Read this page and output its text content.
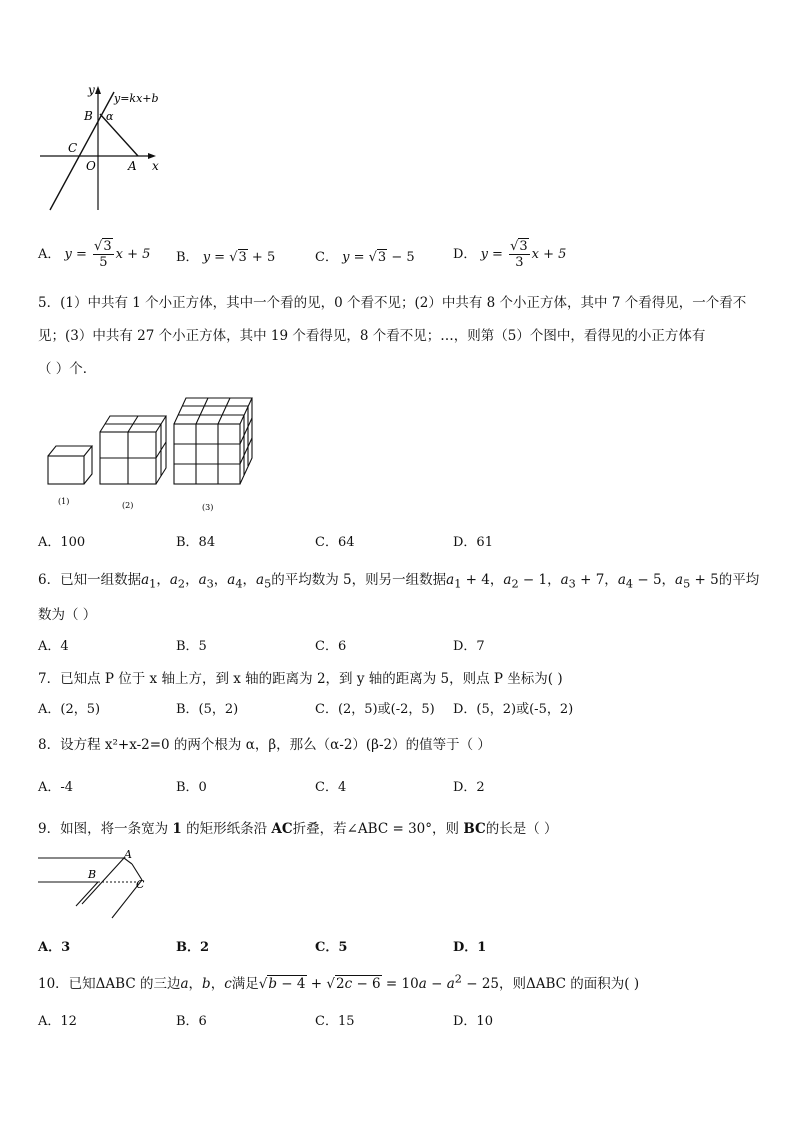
y
y=kx+b
B α
C
O	A x
A． $y = \frac{√3}{5}$ x + 5 B． y = √3 + 5	C． y = √3 − 5	D． $y = \frac{√3}{3}$ x + 5
5．(1）中共有 1 个小正方体，其中一个看的见，0 个看不见；(2）中共有 8 个小正方体，其中 7 个看得见，一个看不
见；(3）中共有 27 个小正方体，其中 19 个看得见，8 个看不见；…，则第（5）个图中，看得见的小正方体有
（ ）个．
(1)	(2)	(3)
A．100	B．84	C．64	D．61
6．已知一组数据$a_1$，$a_2$，$a_3$，$a_4$，$a_5$的平均数为 5，则另一组数据$a_1 + 4$，$a_2 - 1$，$a_3 + 7$，$a_4 - 5$，$a_5 + 5$的平均
数为（ ）
A．4	B．5	C．6	D．7
7．已知点 P 位于 x 轴上方，到 x 轴的距离为 2，到 y 轴的距离为 5，则点 P 坐标为( )
A．(2，5)	B．(5，2)	C．(2，5)或(-2，5) D．(5，2)或(-5，2)
8．设方程 x²+x-2=0 的两个根为 α，β，那么（α-2）(β-2）的值等于（ ）
A．-4	B．0	C．4	D．2
9．如图，将一条宽为 1 的矩形纸条沿 AC折叠，若∠ABC = 30°，则 BC的长是（ ）
A
B
C
A．3	B．2	C．5	D．1
10．已知ΔABC 的三边a，b，c满足$√b - 4 + √2c - 6 = 10a - a^2 - 25$，则ΔABC 的面积为( )
A．12	B．6	C．15	D．10
